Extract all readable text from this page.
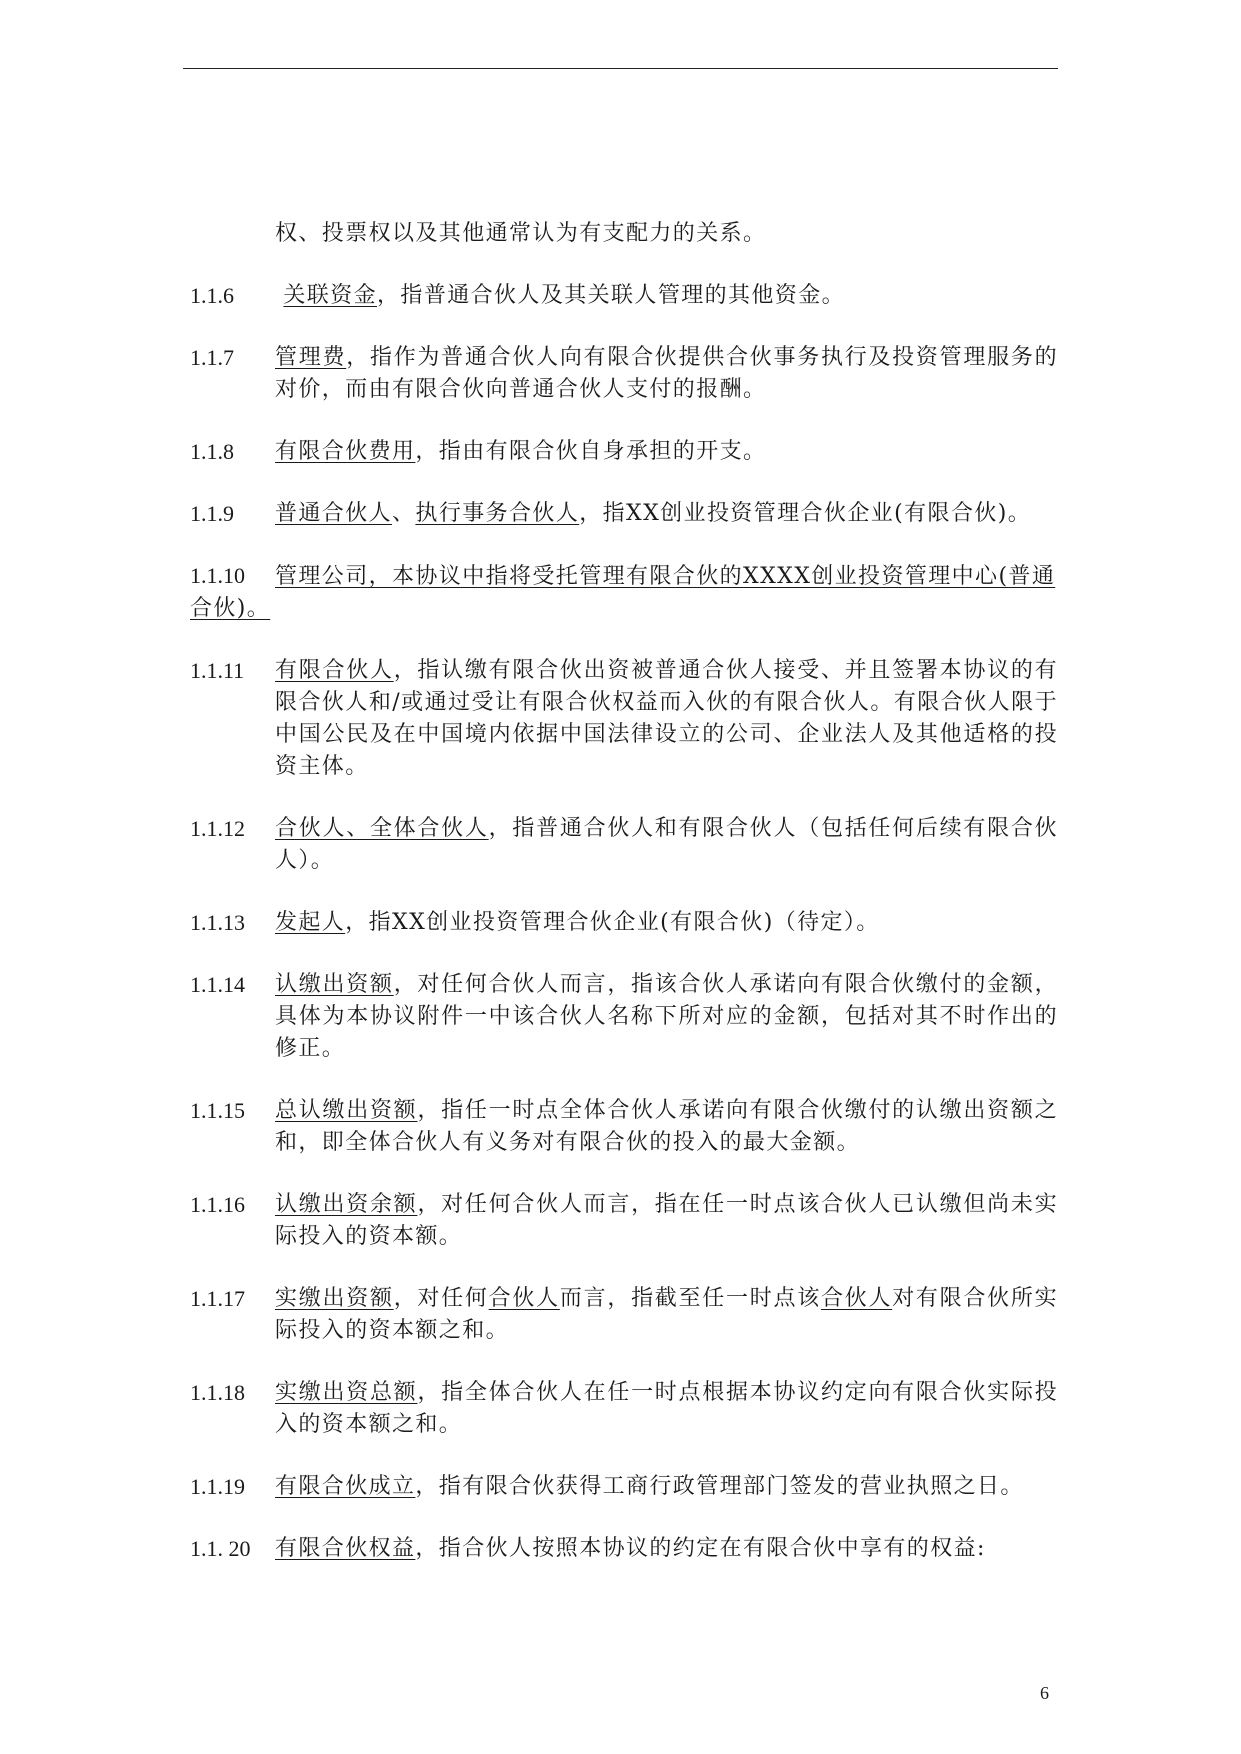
权、投票权以及其他通常认为有支配力的关系。
1.1.6	关联资金，指普通合伙人及其关联人管理的其他资金。
1.1.7	管理费，指作为普通合伙人向有限合伙提供合伙事务执行及投资管理服务的对价，而由有限合伙向普通合伙人支付的报酬。
1.1.8	有限合伙费用，指由有限合伙自身承担的开支。
1.1.9	普通合伙人、执行事务合伙人，指XX创业投资管理合伙企业(有限合伙)。
1.1.10 管理公司，本协议中指将受托管理有限合伙的XXXX创业投资管理中心(普通合伙)。
1.1.11	有限合伙人，指认缴有限合伙出资被普通合伙人接受、并且签署本协议的有限合伙人和/或通过受让有限合伙权益而入伙的有限合伙人。有限合伙人限于中国公民及在中国境内依据中国法律设立的公司、企业法人及其他适格的投资主体。
1.1.12	合伙人、全体合伙人，指普通合伙人和有限合伙人（包括任何后续有限合伙人）。
1.1.13	发起人，指XX创业投资管理合伙企业(有限合伙)（待定）。
1.1.14	认缴出资额，对任何合伙人而言，指该合伙人承诺向有限合伙缴付的金额，具体为本协议附件一中该合伙人名称下所对应的金额，包括对其不时作出的修正。
1.1.15	总认缴出资额，指任一时点全体合伙人承诺向有限合伙缴付的认缴出资额之和，即全体合伙人有义务对有限合伙的投入的最大金额。
1.1.16	认缴出资余额，对任何合伙人而言，指在任一时点该合伙人已认缴但尚未实际投入的资本额。
1.1.17	实缴出资额，对任何合伙人而言，指截至任一时点该合伙人对有限合伙所实际投入的资本额之和。
1.1.18	实缴出资总额，指全体合伙人在任一时点根据本协议约定向有限合伙实际投入的资本额之和。
1.1.19	有限合伙成立，指有限合伙获得工商行政管理部门签发的营业执照之日。
1.1. 20	有限合伙权益，指合伙人按照本协议的约定在有限合伙中享有的权益:
6
